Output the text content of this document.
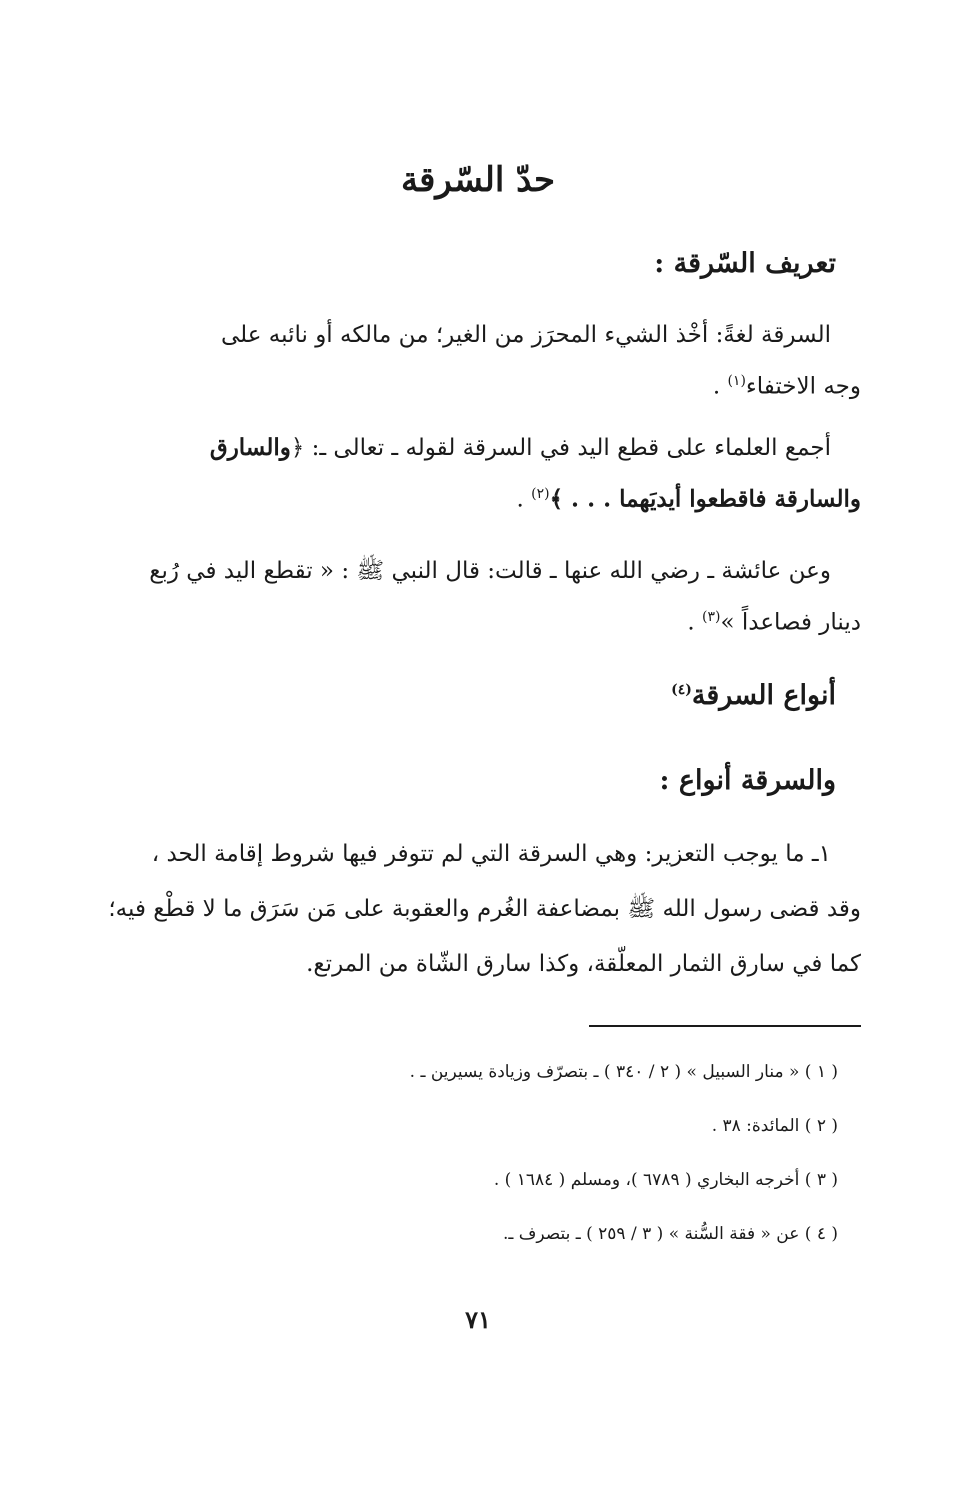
حدّ السّرقة
تعريف السّرقة :

السرقة لغةً: أخْذ الشيء المحرَز من الغير؛ من مالكه أو نائبه على
وجه الاختفاء$^{(١)}$ .

أجمع العلماء على قطع اليد في السرقة لقوله ـ تعالى ـ: ﴿والسارق
والسارقة فاقطعوا أيديَهما . . . ﴾$^{(٢)}$ .

وعن عائشة ـ رضي الله عنها ـ قالت: قال النبي ﷺ : « تقطع اليد في رُبع
دينار فصاعداً »$^{(٣)}$ .

أنواع السرقة$^{(٤)}$
والسرقة أنواع :

١ـ ما يوجب التعزير: وهي السرقة التي لم تتوفر فيها شروط إقامة الحد ،
وقد قضى رسول الله ﷺ بمضاعفة الغُرم والعقوبة على مَن سَرَق ما لا قطْع فيه؛
كما في سارق الثمار المعلّقة، وكذا سارق الشّاة من المرتع.

( ١ ) « منار السبيل » ( ٢ / ٣٤٠ ) ـ بتصرّف وزيادة يسيرين ـ .
( ٢ ) المائدة: ٣٨ .
( ٣ ) أخرجه البخاري ( ٦٧٨٩ )، ومسلم ( ١٦٨٤ ) .
( ٤ ) عن « فقة السُّنة » ( ٣ / ٢٥٩ ) ـ بتصرف ـ.
٧١
